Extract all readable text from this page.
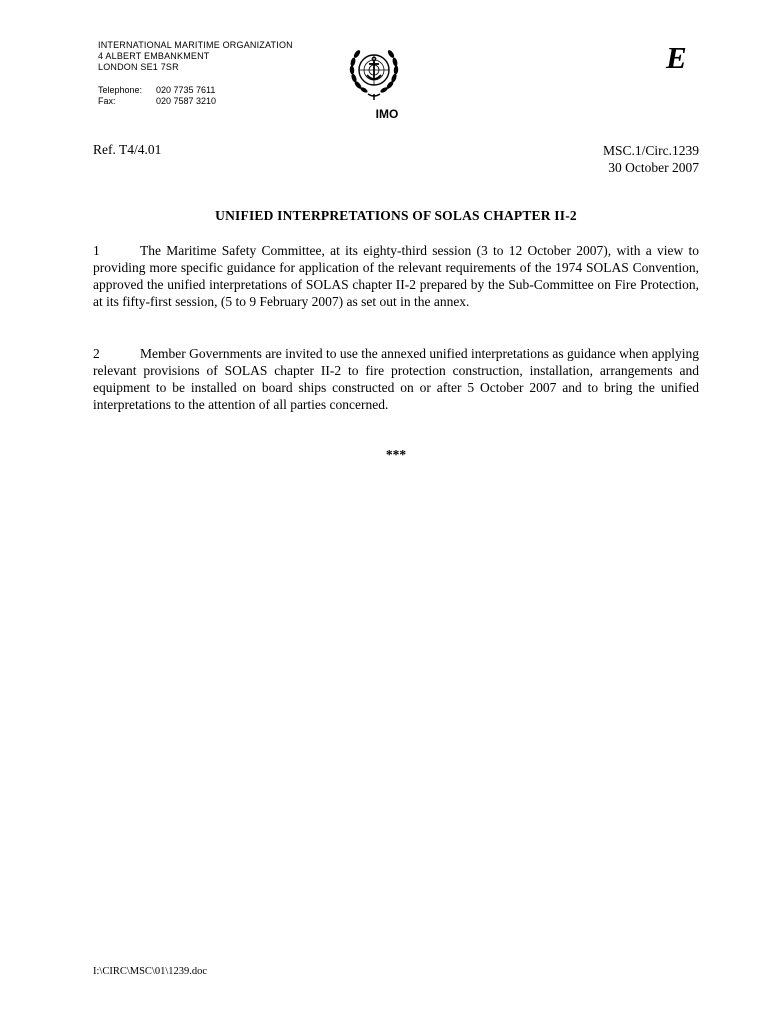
INTERNATIONAL MARITIME ORGANIZATION
4 ALBERT EMBANKMENT
LONDON SE1 7SR
Telephone:	020 7735 7611
Fax:	020 7587 3210
IMO
E
Ref. T4/4.01	MSC.1/Circ.1239
30 October 2007
UNIFIED INTERPRETATIONS OF SOLAS CHAPTER II-2
1	The Maritime Safety Committee, at its eighty-third session (3 to 12 October 2007), with a view to providing more specific guidance for application of the relevant requirements of the 1974 SOLAS Convention, approved the unified interpretations of SOLAS chapter II-2 prepared by the Sub-Committee on Fire Protection, at its fifty-first session, (5 to 9 February 2007) as set out in the annex.
2	Member Governments are invited to use the annexed unified interpretations as guidance when applying relevant provisions of SOLAS chapter II-2 to fire protection construction, installation, arrangements and equipment to be installed on board ships constructed on or after 5 October 2007 and to bring the unified interpretations to the attention of all parties concerned.
***
I:\CIRC\MSC\01\1239.doc
